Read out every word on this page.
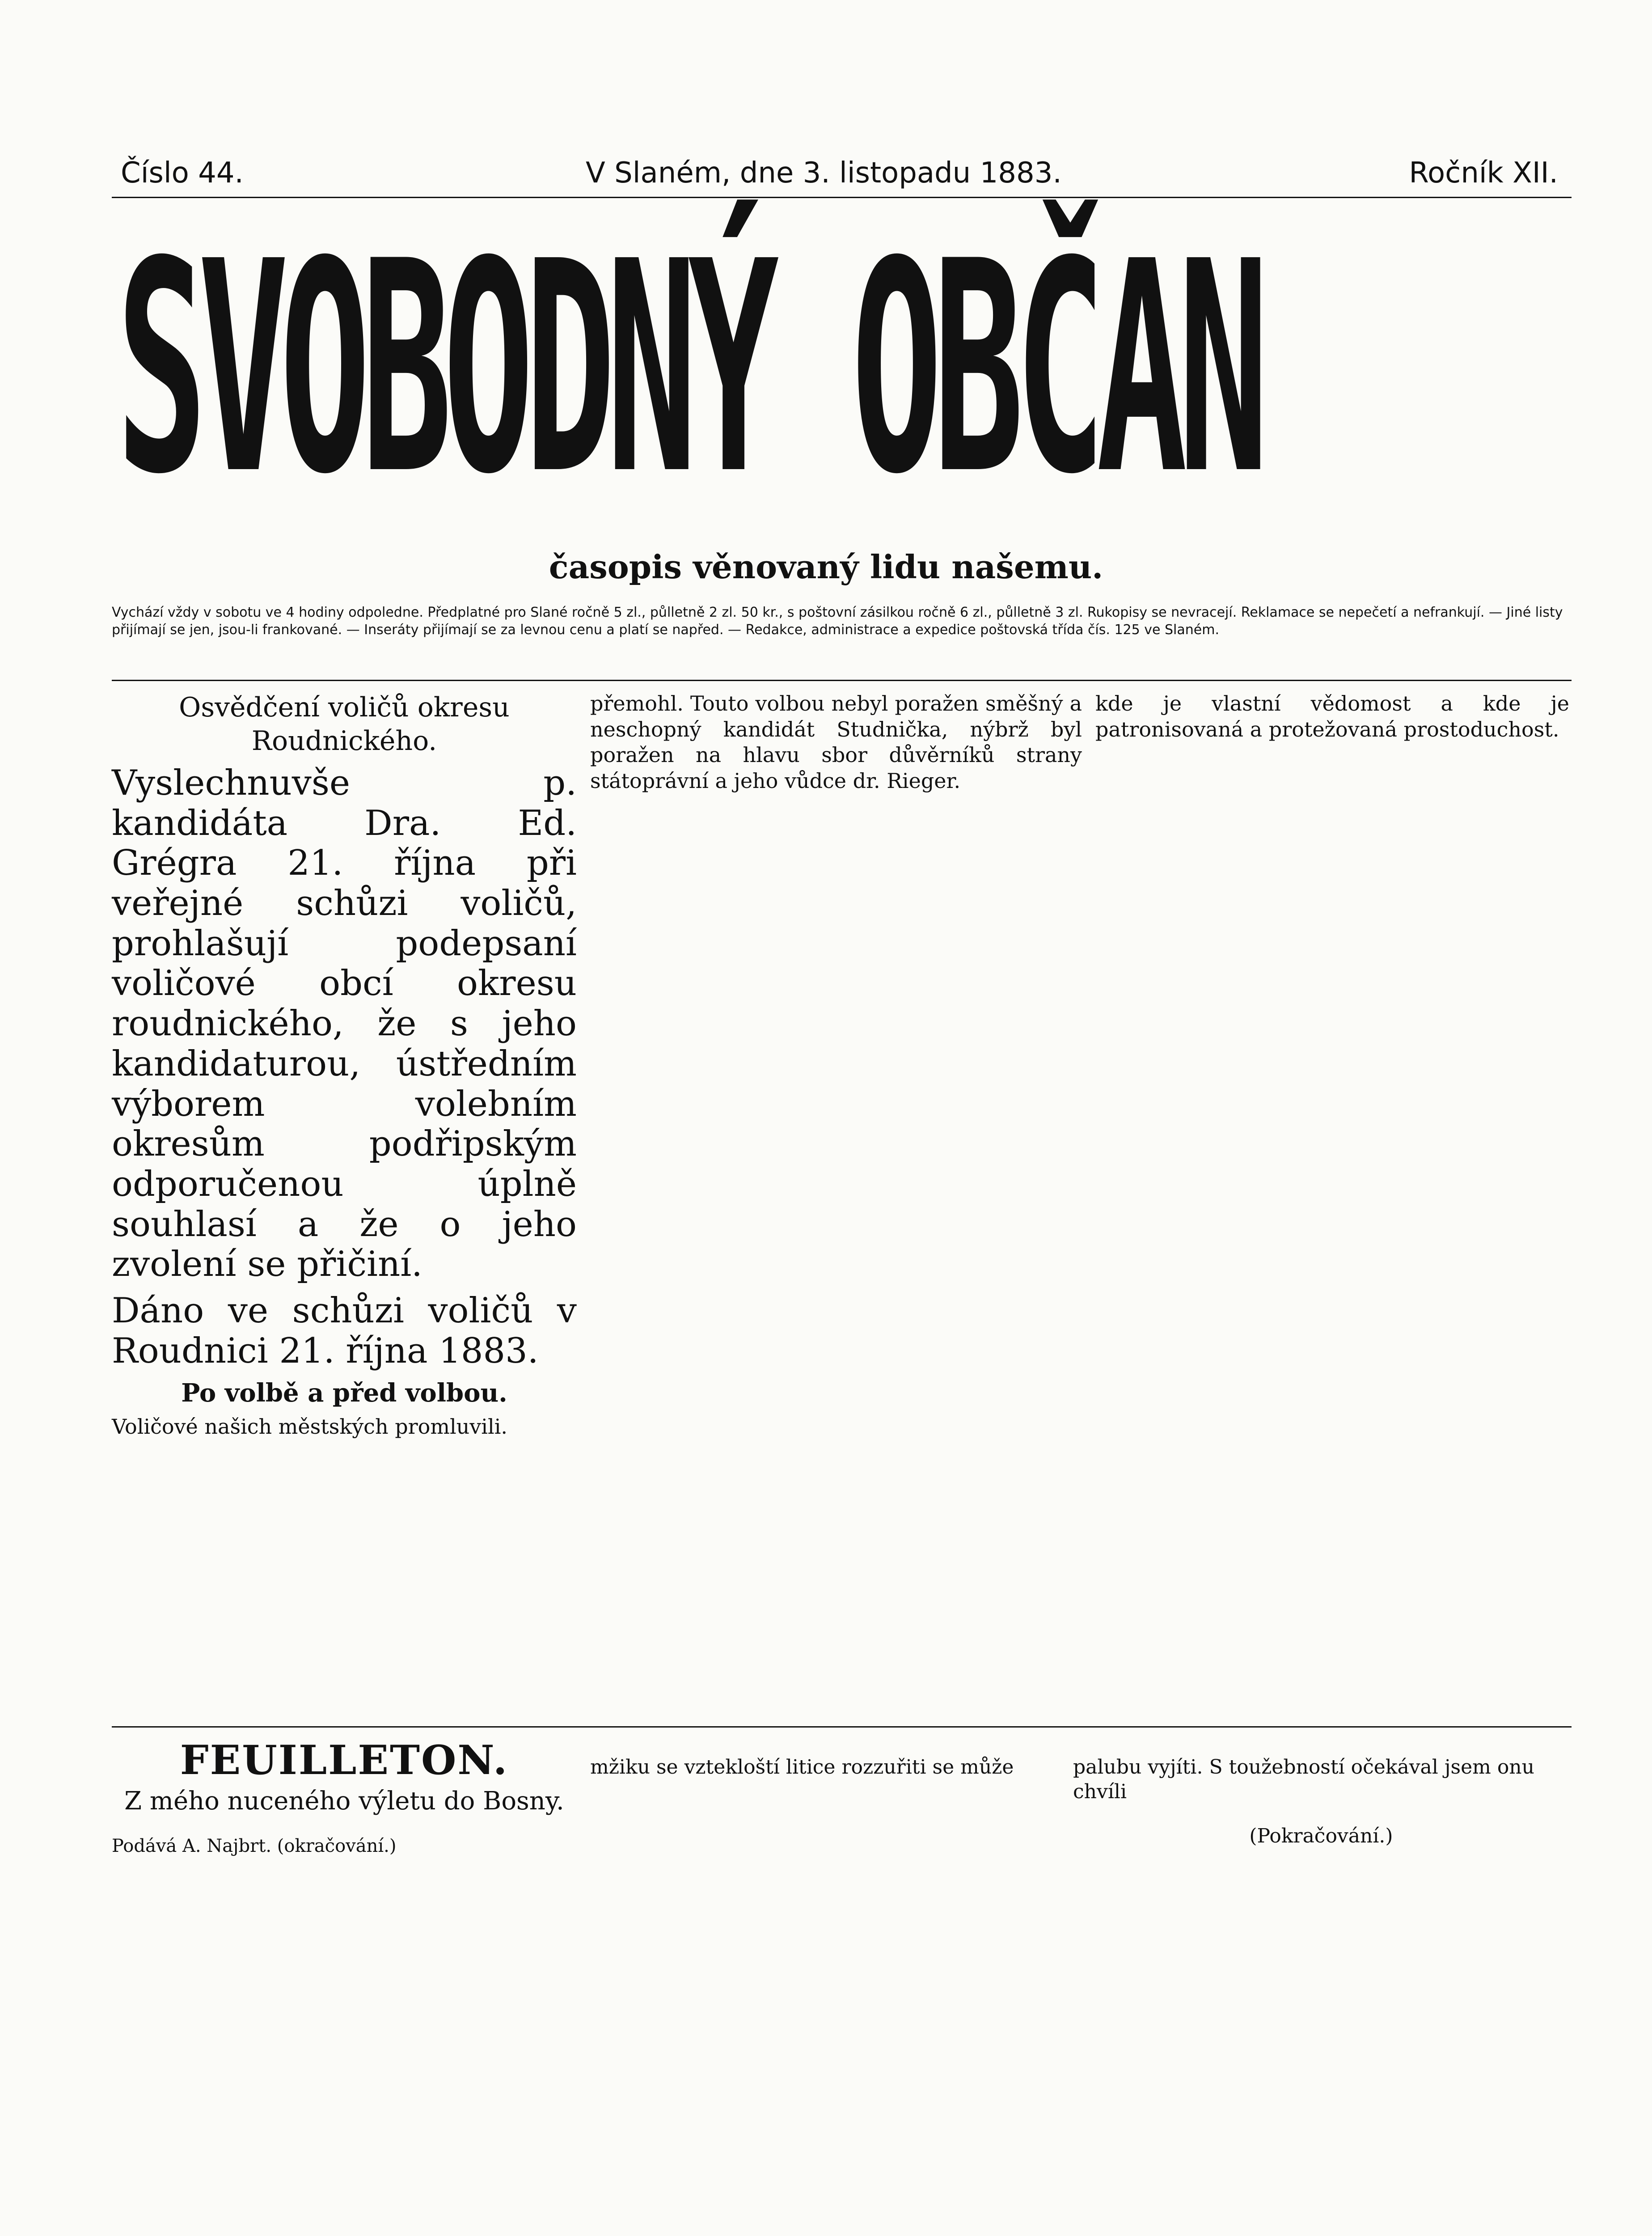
Číslo 44.	V Slaném, dne 3. listopadu 1883.	Ročník XII.
SVOBODNÝ OBČAN
časopis věnovaný lidu našemu.
Vychází vždy v sobotu ve 4 hodiny odpoledne. Předplatné pro Slané ročně 5 zl., půlletně 2 zl. 50 kr., s poštovní zásilkou ročně 6 zl., půlletně 3 zl. Rukopisy se nevracejí. Reklamace se nepečetí a nefrankují. — Jiné listy přijímají se jen, jsou-li frankované. — Inseráty přijímají se za levnou cenu a platí se napřed. — Redakce, administrace a expedice poštovská třída čís. 125 ve Slaném.
Osvědčení voličů okresu Roudnického.

Vyslechnuvše p. kandidáta Dra. Ed. Grégra 21. října při veřejné schůzi voličů, prohlašují podepsaní voličové obcí okresu roudnického, že s jeho kandidaturou, ústředním výborem volebním okresům podřipským odporučenou úplně souhlasí a že o jeho zvolení se přičiní.

Dáno ve schůzi voličů v Roudnici 21. října 1883.

Po volbě a před volbou.

Voličové našich městských promluvili.

přemohl. Touto volbou nebyl poražen směšný a neschopný kandidát Studnička, nýbrž byl poražen na hlavu sbor důvěrníků strany státoprávní a jeho vůdce dr. Rieger.

kde je vlastní vědomost a kde je patronisovaná a protežovaná prostoduchost.

FEUILLETON.
Z mého nuceného výletu do Bosny.

Podává A. Najbrt. (okračování.)

mžiku se vztekloští litice rozzuřiti se může	palubu vyjíti. S toužebností očekával jsem onu chvíli

(Pokračování.)
